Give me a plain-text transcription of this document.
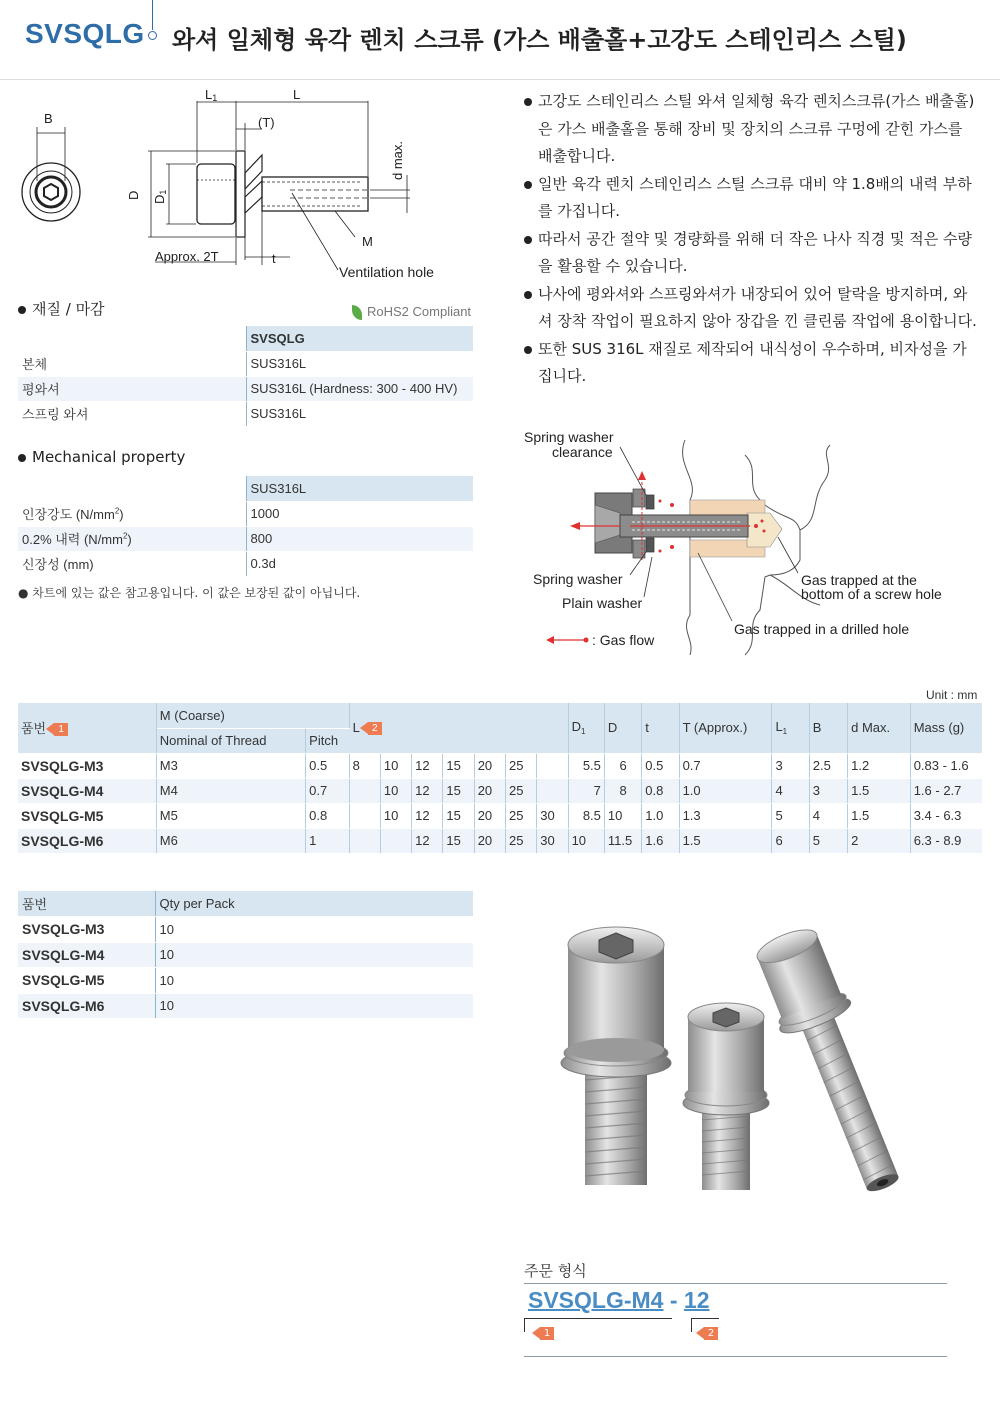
SVSQLG 와셔 일체형 육각 렌치 스크류 (가스 배출홀+고강도 스테인리스 스틸)
B
L1	L
(T)
d max.
D D1
M
Approx. 2T	t
Ventilation hole
재질 / 마감	RoHS2 Compliant
	SVSQLG
본체	SUS316L
평와셔	SUS316L (Hardness: 300 - 400 HV)
스프링 와셔	SUS316L
Mechanical property
	SUS316L
인장강도 $(N/mm^2)$	1000
0.2% 내력 $(N/mm^2)$	800
신장성 (mm)	0.3d
● 차트에 있는 값은 참고용입니다. 이 값은 보장된 값이 아닙니다.
고강도 스테인리스 스틸 와셔 일체형 육각 렌치스크류(가스 배출홀)은 가스 배출홀을 통해 장비 및 장치의 스크류 구멍에 갇힌 가스를 배출합니다.
일반 육각 렌치 스테인리스 스틸 스크류 대비 약 1.8배의 내력 부하를 가집니다.
따라서 공간 절약 및 경량화를 위해 더 작은 나사 직경 및 적은 수량을 활용할 수 있습니다.
나사에 평와셔와 스프링와셔가 내장되어 있어 탈락을 방지하며, 와셔 장착 작업이 필요하지 않아 장갑을 낀 클린룸 작업에 용이합니다.
또한 SUS 316L 재질로 제작되어 내식성이 우수하며, 비자성을 가집니다.
Spring washer
clearance
Spring washer
Plain washer
Gas trapped at the
bottom of a screw hole
Gas trapped in a drilled hole
: Gas flow
Unit : mm
품번 1	M (Coarse)		L 2							$D_1$	D	t	T (Approx.)	$L_1$	B	d Max.	Mass (g)
	Nominal of Thread	Pitch															
SVSQLG-M3	M3	0.5	8	10	12	15	20	25		5.5	6	0.5	0.7	3	2.5	1.2	0.83 - 1.6
SVSQLG-M4	M4	0.7		10	12	15	20	25		7	8	0.8	1.0	4	3	1.5	1.6 - 2.7
SVSQLG-M5	M5	0.8		10	12	15	20	25	30	8.5	10	1.0	1.3	5	4	1.5	3.4 - 6.3
SVSQLG-M6	M6	1			12	15	20	25	30	10	11.5	1.6	1.5	6	5	2	6.3 - 8.9
품번	Qty per Pack
SVSQLG-M3	10
SVSQLG-M4	10
SVSQLG-M5	10
SVSQLG-M6	10
주문 형식
SVSQLG-M4 - 12
1	2
